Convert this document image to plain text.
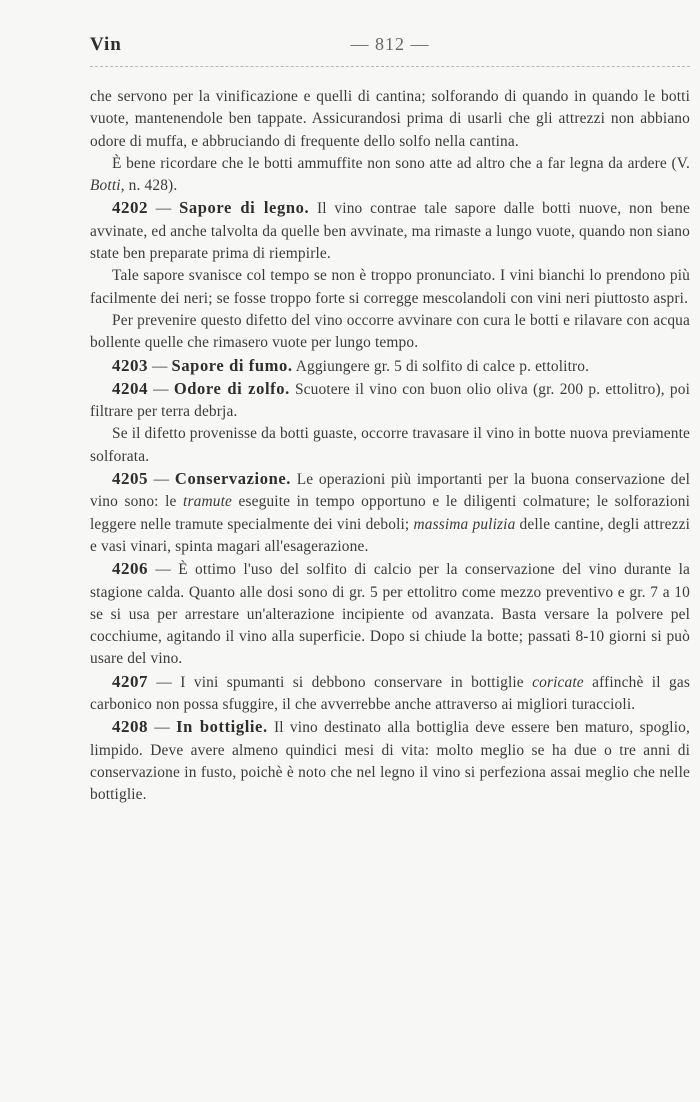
Vin	— 812 —

che servono per la vinificazione e quelli di cantina; solforando di quando in quando le botti vuote, mantenendole ben tappate. Assicurandosi prima di usarli che gli attrezzi non abbiano odore di muffa, e abbruciando di frequente dello solfo nella cantina.

È bene ricordare che le botti ammuffite non sono atte ad altro che a far legna da ardere (V. Botti, n. 428).

4202 — Sapore di legno. Il vino contrae tale sapore dalle botti nuove, non bene avvinate, ed anche talvolta da quelle ben avvinate, ma rimaste a lungo vuote, quando non siano state ben preparate prima di riempirle.

Tale sapore svanisce col tempo se non è troppo pronunciato. I vini bianchi lo prendono più facilmente dei neri; se fosse troppo forte si corregge mescolandoli con vini neri piuttosto aspri.

Per prevenire questo difetto del vino occorre avvinare con cura le botti e rilavare con acqua bollente quelle che rimasero vuote per lungo tempo.

4203 — Sapore di fumo. Aggiungere gr. 5 di solfito di calce p. ettolitro.

4204 — Odore di zolfo. Scuotere il vino con buon olio oliva (gr. 200 p. ettolitro), poi filtrare per terra debrja.

Se il difetto provenisse da botti guaste, occorre travasare il vino in botte nuova previamente solforata.

4205 — Conservazione. Le operazioni più importanti per la buona conservazione del vino sono: le tramute eseguite in tempo opportuno e le diligenti colmature; le solforazioni leggere nelle tramute specialmente dei vini deboli; massima pulizia delle cantine, degli attrezzi e vasi vinari, spinta magari all'esagerazione.

4206 — È ottimo l'uso del solfito di calcio per la conservazione del vino durante la stagione calda. Quanto alle dosi sono di gr. 5 per ettolitro come mezzo preventivo e gr. 7 a 10 se si usa per arrestare un'alterazione incipiente od avanzata. Basta versare la polvere pel cocchiume, agitando il vino alla superficie. Dopo si chiude la botte; passati 8-10 giorni si può usare del vino.

4207 — I vini spumanti si debbono conservare in bottiglie coricate affinchè il gas carbonico non possa sfuggire, il che avverrebbe anche attraverso ai migliori turaccioli.

4208 — In bottiglie. Il vino destinato alla bottiglia deve essere ben maturo, spoglio, limpido. Deve avere almeno quindici mesi di vita: molto meglio se ha due o tre anni di conservazione in fusto, poichè è noto che nel legno il vino si perfeziona assai meglio che nelle bottiglie.
